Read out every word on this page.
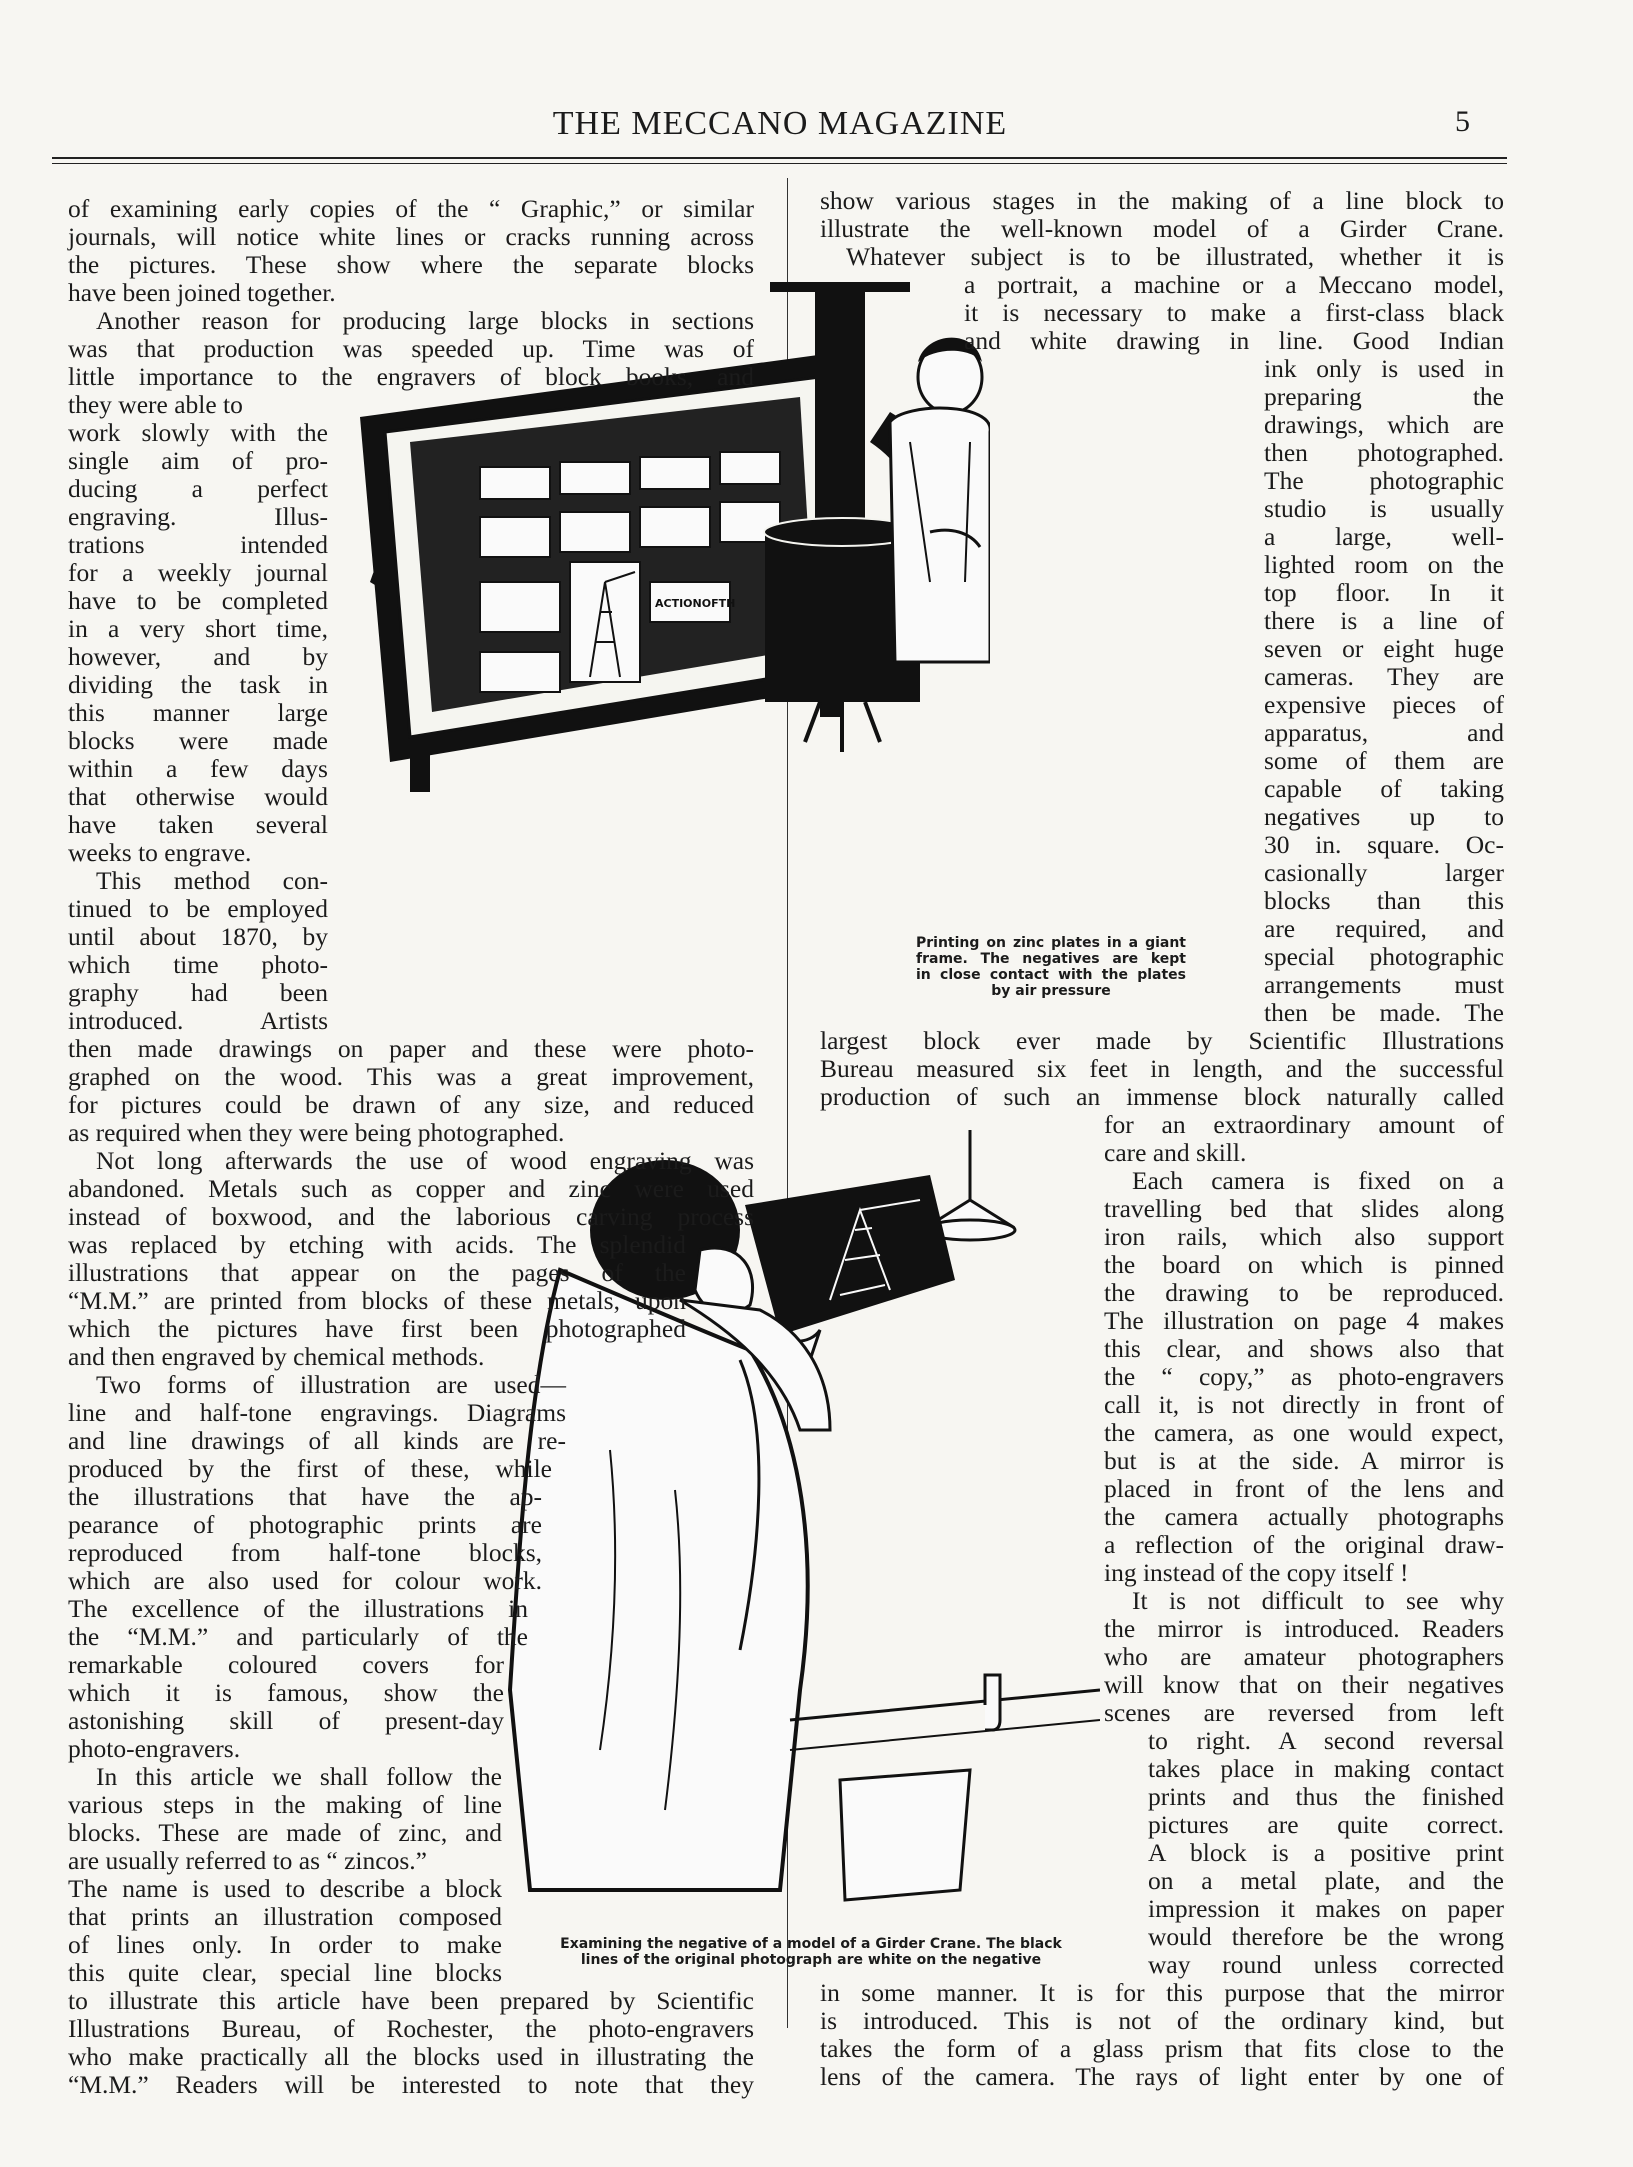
THE MECCANO MAGAZINE	5
ACTIONOFTH
Printing on zinc plates in a giant
frame. The negatives are kept
in close contact with the plates
by air pressure
Examining the negative of a model of a Girder Crane. The black
lines of the original photograph are white on the negative
of examining early copies of the “ Graphic,” or similar
journals, will notice white lines or cracks running across
the pictures. These show where the separate blocks
have been joined together.
Another reason for producing large blocks in sections
was that production was speeded up. Time was of
little importance to the engravers of block books, and
they were able to
work slowly with the
single aim of pro-
ducing a perfect
engraving. Illus-
trations intended
for a weekly journal
have to be completed
in a very short time,
however, and by
dividing the task in
this manner large
blocks were made
within a few days
that otherwise would
have taken several
weeks to engrave.
This method con-
tinued to be employed
until about 1870, by
which time photo-
graphy had been
introduced. Artists
then made drawings on paper and these were photo-
graphed on the wood. This was a great improvement,
for pictures could be drawn of any size, and reduced
as required when they were being photographed.
Not long afterwards the use of wood engraving was
abandoned. Metals such as copper and zinc were used
instead of boxwood, and the laborious carving process
was replaced by etching with acids. The splendid
illustrations that appear on the pages of the
“M.M.” are printed from blocks of these metals, upon
which the pictures have first been photographed
and then engraved by chemical methods.
Two forms of illustration are used—
line and half-tone engravings. Diagrams
and line drawings of all kinds are re-
produced by the first of these, while
the illustrations that have the ap-
pearance of photographic prints are
reproduced from half-tone blocks,
which are also used for colour work.
The excellence of the illustrations in
the “M.M.” and particularly of the
remarkable coloured covers for
which it is famous, show the
astonishing skill of present-day
photo-engravers.
In this article we shall follow the
various steps in the making of line
blocks. These are made of zinc, and
are usually referred to as “ zincos.”
The name is used to describe a block
that prints an illustration composed
of lines only. In order to make
this quite clear, special line blocks
to illustrate this article have been prepared by Scientific
Illustrations Bureau, of Rochester, the photo-engravers
who make practically all the blocks used in illustrating the
“M.M.” Readers will be interested to note that they
show various stages in the making of a line block to
illustrate the well-known model of a Girder Crane.
Whatever subject is to be illustrated, whether it is
a portrait, a machine or a Meccano model,
it is necessary to make a first-class black
and white drawing in line. Good Indian
ink only is used in
preparing the
drawings, which are
then photographed.
The photographic
studio is usually
a large, well-
lighted room on the
top floor. In it
there is a line of
seven or eight huge
cameras. They are
expensive pieces of
apparatus, and
some of them are
capable of taking
negatives up to
30 in. square. Oc-
casionally larger
blocks than this
are required, and
special photographic
arrangements must
then be made. The
largest block ever made by Scientific Illustrations
Bureau measured six feet in length, and the successful
production of such an immense block naturally called
for an extraordinary amount of
care and skill.
Each camera is fixed on a
travelling bed that slides along
iron rails, which also support
the board on which is pinned
the drawing to be reproduced.
The illustration on page 4 makes
this clear, and shows also that
the “ copy,” as photo-engravers
call it, is not directly in front of
the camera, as one would expect,
but is at the side. A mirror is
placed in front of the lens and
the camera actually photographs
a reflection of the original draw-
ing instead of the copy itself !
It is not difficult to see why
the mirror is introduced. Readers
who are amateur photographers
will know that on their negatives
scenes are reversed from left
to right. A second reversal
takes place in making contact
prints and thus the finished
pictures are quite correct.
A block is a positive print
on a metal plate, and the
impression it makes on paper
would therefore be the wrong
way round unless corrected
in some manner. It is for this purpose that the mirror
is introduced. This is not of the ordinary kind, but
takes the form of a glass prism that fits close to the
lens of the camera. The rays of light enter by one of
